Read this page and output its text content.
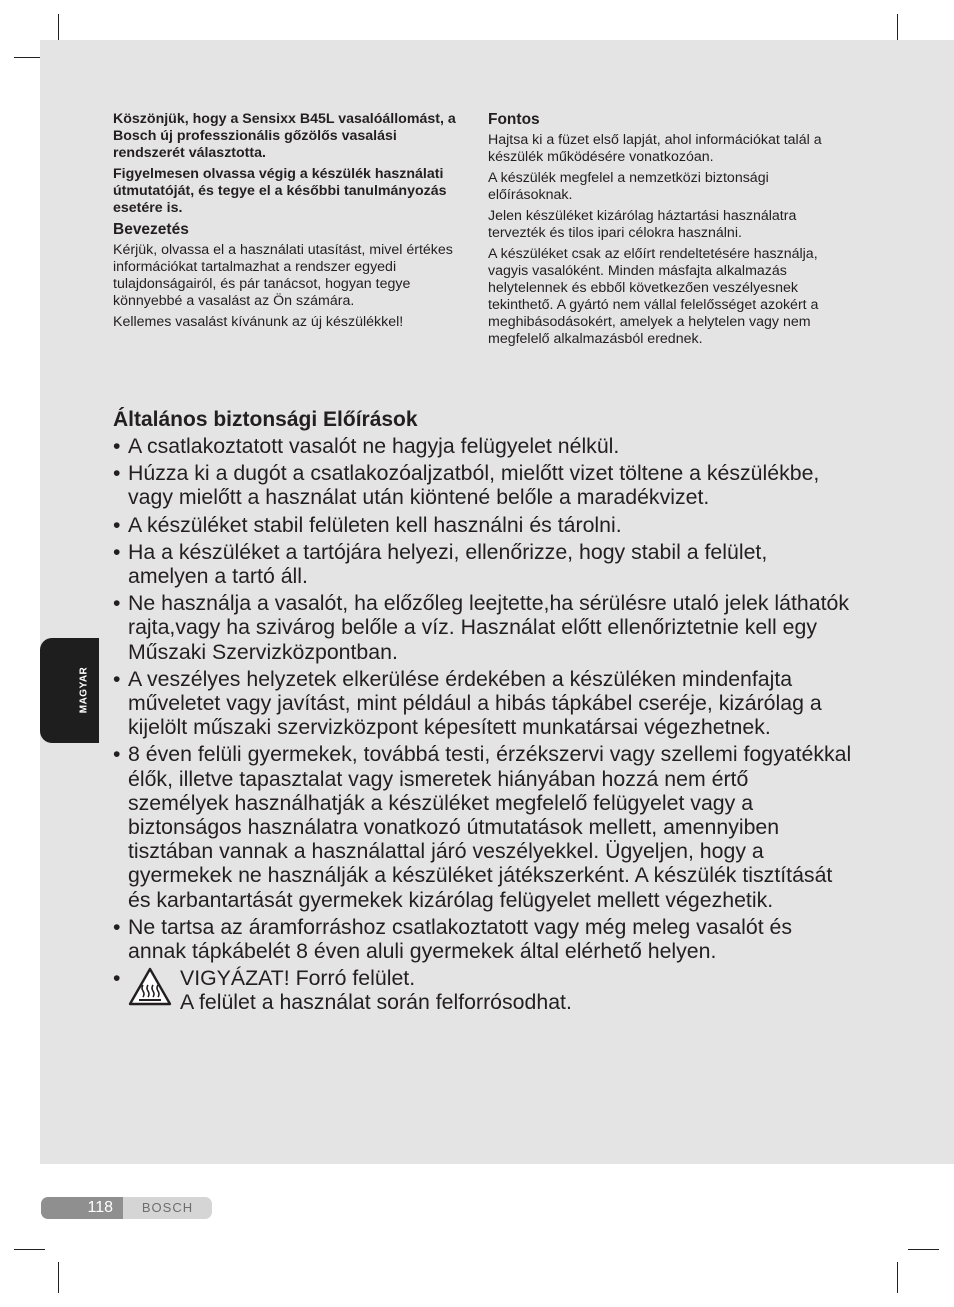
Köszönjük, hogy a Sensixx B45L vasalóállomást, a Bosch új professzionális gőzölős vasalási rendszerét választotta.

Figyelmesen olvassa végig a készülék használati útmutatóját, és tegye el a későbbi tanulmányozás esetére is.

Bevezetés

Kérjük, olvassa el a használati utasítást, mivel értékes információkat tartalmazhat a rendszer egyedi tulajdonságairól, és pár tanácsot, hogyan tegye könnyebbé a vasalást az Ön számára.

Kellemes vasalást kívánunk az új készülékkel!

Fontos

Hajtsa ki a füzet első lapját, ahol információkat talál a készülék működésére vonatkozóan.

A készülék megfelel a nemzetközi biztonsági előírásoknak.

Jelen készüléket kizárólag háztartási használatra tervezték és tilos ipari célokra használni.

A készüléket csak az előírt rendeltetésére használja, vagyis vasalóként. Minden másfajta alkalmazás helytelennek és ebből következően veszélyesnek tekinthető. A gyártó nem vállal felelősséget azokért a meghibásodásokért, amelyek a helytelen vagy nem megfelelő alkalmazásból erednek.

Általános biztonsági Előírások
• A csatlakoztatott vasalót ne hagyja felügyelet nélkül.
• Húzza ki a dugót a csatlakozóaljzatból, mielőtt vizet töltene a készülékbe, vagy mielőtt a használat után kiöntené belőle a maradékvizet.
• A készüléket stabil felületen kell használni és tárolni.
• Ha a készüléket a tartójára helyezi, ellenőrizze, hogy stabil a felület, amelyen a tartó áll.
• Ne használja a vasalót, ha előzőleg leejtette,ha sérülésre utaló jelek láthatók rajta,vagy ha szivárog belőle a víz. Használat előtt ellenőriztetnie kell egy Műszaki Szervizközpontban.
• A veszélyes helyzetek elkerülése érdekében a készüléken mindenfajta műveletet vagy javítást, mint például a hibás tápkábel cseréje, kizárólag a kijelölt műszaki szervizközpont képesített munkatársai végezhetnek.
• 8 éven felüli gyermekek, továbbá testi, érzékszervi vagy szellemi fogyatékkal élők, illetve tapasztalat vagy ismeretek hiányában hozzá nem értő személyek használhatják a készüléket megfelelő felügyelet vagy a biztonságos használatra vonatkozó útmutatások mellett, amennyiben tisztában vannak a használattal járó veszélyekkel. Ügyeljen, hogy a gyermekek ne használják a készüléket játékszerként. A készülék tisztítását és karbantartását gyermekek kizárólag felügyelet mellett végezhetik.
• Ne tartsa az áramforráshoz csatlakoztatott vagy még meleg vasalót és annak tápkábelét 8 éven aluli gyermekek által elérhető helyen.
•	VIGYÁZAT! Forró felület.
A felület a használat során felforrósodhat.
MAGYAR
118	BOSCH
